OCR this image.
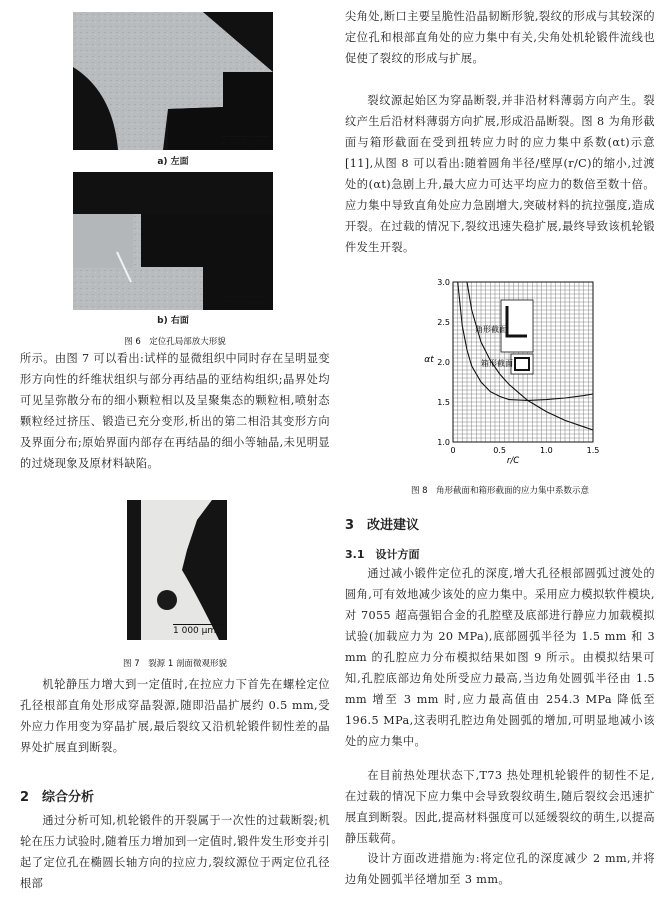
2 000 μm
a) 左面
2 000 μm
b) 右面
图 6　定位孔局部放大形貌

所示。由图 7 可以看出:试样的显微组织中同时存在呈明显变形方向性的纤维状组织与部分再结晶的亚结构组织;晶界处均可见呈弥散分布的细小颗粒相以及呈聚集态的颗粒相,喷射态颗粒经过挤压、锻造已充分变形,析出的第二相沿其变形方向及界面分布;原始界面内部存在再结晶的细小等轴晶,未见明显的过烧现象及原材料缺陷。

1 000 μm
图 7　裂源 1 剖面微观形貌

机轮静压力增大到一定值时,在拉应力下首先在螺栓定位孔径根部直角处形成穿晶裂源,随即沿晶扩展约 0.5 mm,受外应力作用变为穿晶扩展,最后裂纹又沿机轮锻件韧性差的晶界处扩展直到断裂。

2　综合分析

通过分析可知,机轮锻件的开裂属于一次性的过载断裂;机轮在压力试验时,随着压力增加到一定值时,锻件发生形变并引起了定位孔在椭圆长轴方向的拉应力,裂纹源位于两定位孔径根部

尖角处,断口主要呈脆性沿晶韧断形貌,裂纹的形成与其较深的定位孔和根部直角处的应力集中有关,尖角处机轮锻件流线也促使了裂纹的形成与扩展。

裂纹源起始区为穿晶断裂,并非沿材料薄弱方向产生。裂纹产生后沿材料薄弱方向扩展,形成沿晶断裂。图 8 为角形截面与箱形截面在受到扭转应力时的应力集中系数(αt)示意[11],从图 8 可以看出:随着圆角半径/壁厚(r/C)的缩小,过渡处的(αt)急剧上升,最大应力可达平均应力的数倍至数十倍。应力集中导致直角处应力急剧增大,突破材料的抗拉强度,造成开裂。在过载的情况下,裂纹迅速失稳扩展,最终导致该机轮锻件发生开裂。

0	0.5	1.0	1.5
1.0
1.5
2.0
2.5
3.0
r/C
αt
角形截面
箱形截面
图 8　角形截面和箱形截面的应力集中系数示意
3　改进建议
3.1　设计方面

通过减小锻件定位孔的深度,增大孔径根部圆弧过渡处的圆角,可有效地减少该处的应力集中。采用应力模拟软件模块,对 7055 超高强铝合金的孔腔壁及底部进行静应力加载模拟试验(加载应力为 20 MPa),底部圆弧半径为 1.5 mm 和 3 mm 的孔腔应力分布模拟结果如图 9 所示。由模拟结果可知,孔腔底部边角处所受应力最高,当边角处圆弧半径由 1.5 mm 增至 3 mm 时,应力最高值由 254.3 MPa 降低至 196.5 MPa,这表明孔腔边角处圆弧的增加,可明显地减小该处的应力集中。

在目前热处理状态下,T73 热处理机轮锻件的韧性不足,在过载的情况下应力集中会导致裂纹萌生,随后裂纹会迅速扩展直到断裂。因此,提高材料强度可以延缓裂纹的萌生,以提高静压载荷。

设计方面改进措施为:将定位孔的深度减少 2 mm,并将边角处圆弧半径增加至 3 mm。
